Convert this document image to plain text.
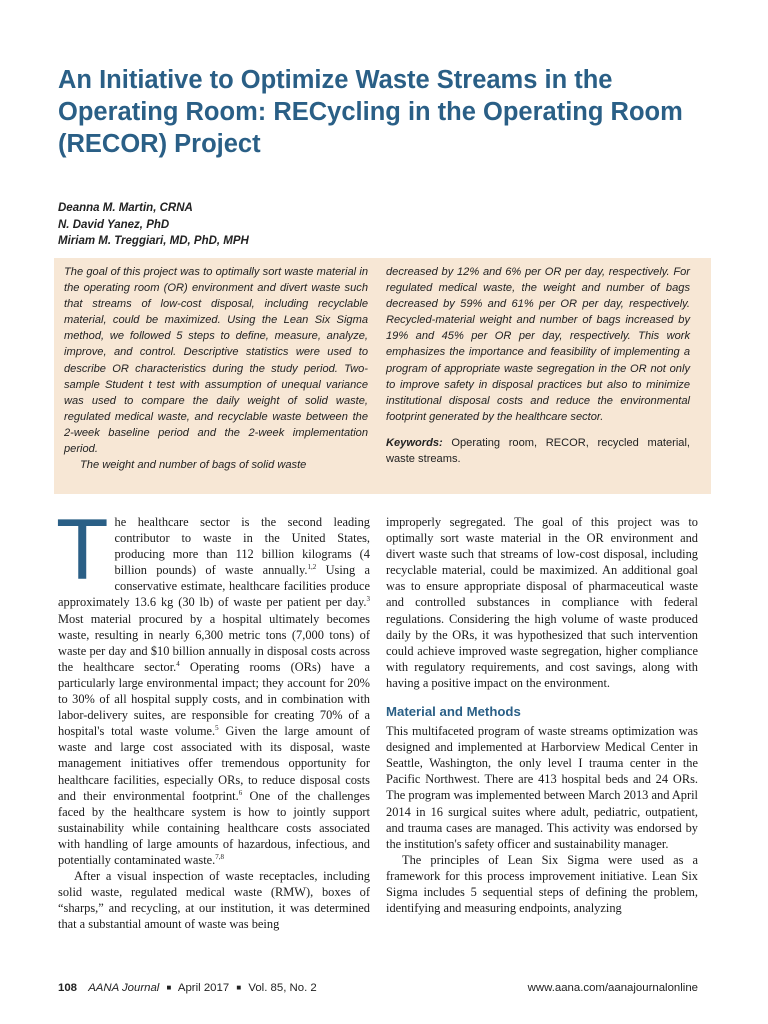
An Initiative to Optimize Waste Streams in the Operating Room: RECycling in the Operating Room (RECOR) Project
Deanna M. Martin, CRNA
N. David Yanez, PhD
Miriam M. Treggiari, MD, PhD, MPH

The goal of this project was to optimally sort waste material in the operating room (OR) environment and divert waste such that streams of low-cost disposal, including recyclable material, could be maximized. Using the Lean Six Sigma method, we followed 5 steps to define, measure, analyze, improve, and control. Descriptive statistics were used to describe OR characteristics during the study period. Two-sample Student t test with assumption of unequal variance was used to compare the daily weight of solid waste, regulated medical waste, and recyclable waste between the 2-week baseline period and the 2-week implementation period.

The weight and number of bags of solid waste

decreased by 12% and 6% per OR per day, respectively. For regulated medical waste, the weight and number of bags decreased by 59% and 61% per OR per day, respectively. Recycled-material weight and number of bags increased by 19% and 45% per OR per day, respectively. This work emphasizes the importance and feasibility of implementing a program of appropriate waste segregation in the OR not only to improve safety in disposal practices but also to minimize institutional disposal costs and reduce the environmental footprint generated by the healthcare sector.

Keywords: Operating room, RECOR, recycled material, waste streams.

The healthcare sector is the second leading contributor to waste in the United States, producing more than 112 billion kilograms (4 billion pounds) of waste annually.$^{1,2}$ Using a conservative estimate, healthcare facilities produce approximately 13.6 kg (30 lb) of waste per patient per day.$^3$ Most material procured by a hospital ultimately becomes waste, resulting in nearly 6,300 metric tons (7,000 tons) of waste per day and $10 billion annually in disposal costs across the healthcare sector.$^4$ Operating rooms (ORs) have a particularly large environmental impact; they account for 20% to 30% of all hospital supply costs, and in combination with labor-delivery suites, are responsible for creating 70% of a hospital's total waste volume.$^5$ Given the large amount of waste and large cost associated with its disposal, waste management initiatives offer tremendous opportunity for healthcare facilities, especially ORs, to reduce disposal costs and their environmental footprint.$^6$ One of the challenges faced by the healthcare system is how to jointly support sustainability while containing healthcare costs associated with handling of large amounts of hazardous, infectious, and potentially contaminated waste.$^{7,8}$

After a visual inspection of waste receptacles, including solid waste, regulated medical waste (RMW), boxes of “sharps,” and recycling, at our institution, it was determined that a substantial amount of waste was being

improperly segregated. The goal of this project was to optimally sort waste material in the OR environment and divert waste such that streams of low-cost disposal, including recyclable material, could be maximized. An additional goal was to ensure appropriate disposal of pharmaceutical waste and controlled substances in compliance with federal regulations. Considering the high volume of waste produced daily by the ORs, it was hypothesized that such intervention could achieve improved waste segregation, higher compliance with regulatory requirements, and cost savings, along with having a positive impact on the environment.

Material and Methods

This multifaceted program of waste streams optimization was designed and implemented at Harborview Medical Center in Seattle, Washington, the only level I trauma center in the Pacific Northwest. There are 413 hospital beds and 24 ORs. The program was implemented between March 2013 and April 2014 in 16 surgical suites where adult, pediatric, outpatient, and trauma cases are managed. This activity was endorsed by the institution's safety officer and sustainability manager.

The principles of Lean Six Sigma were used as a framework for this process improvement initiative. Lean Six Sigma includes 5 sequential steps of defining the problem, identifying and measuring endpoints, analyzing

108 AANA Journal ■ April 2017 ■ Vol. 85, No. 2	www.aana.com/aanajournalonline
